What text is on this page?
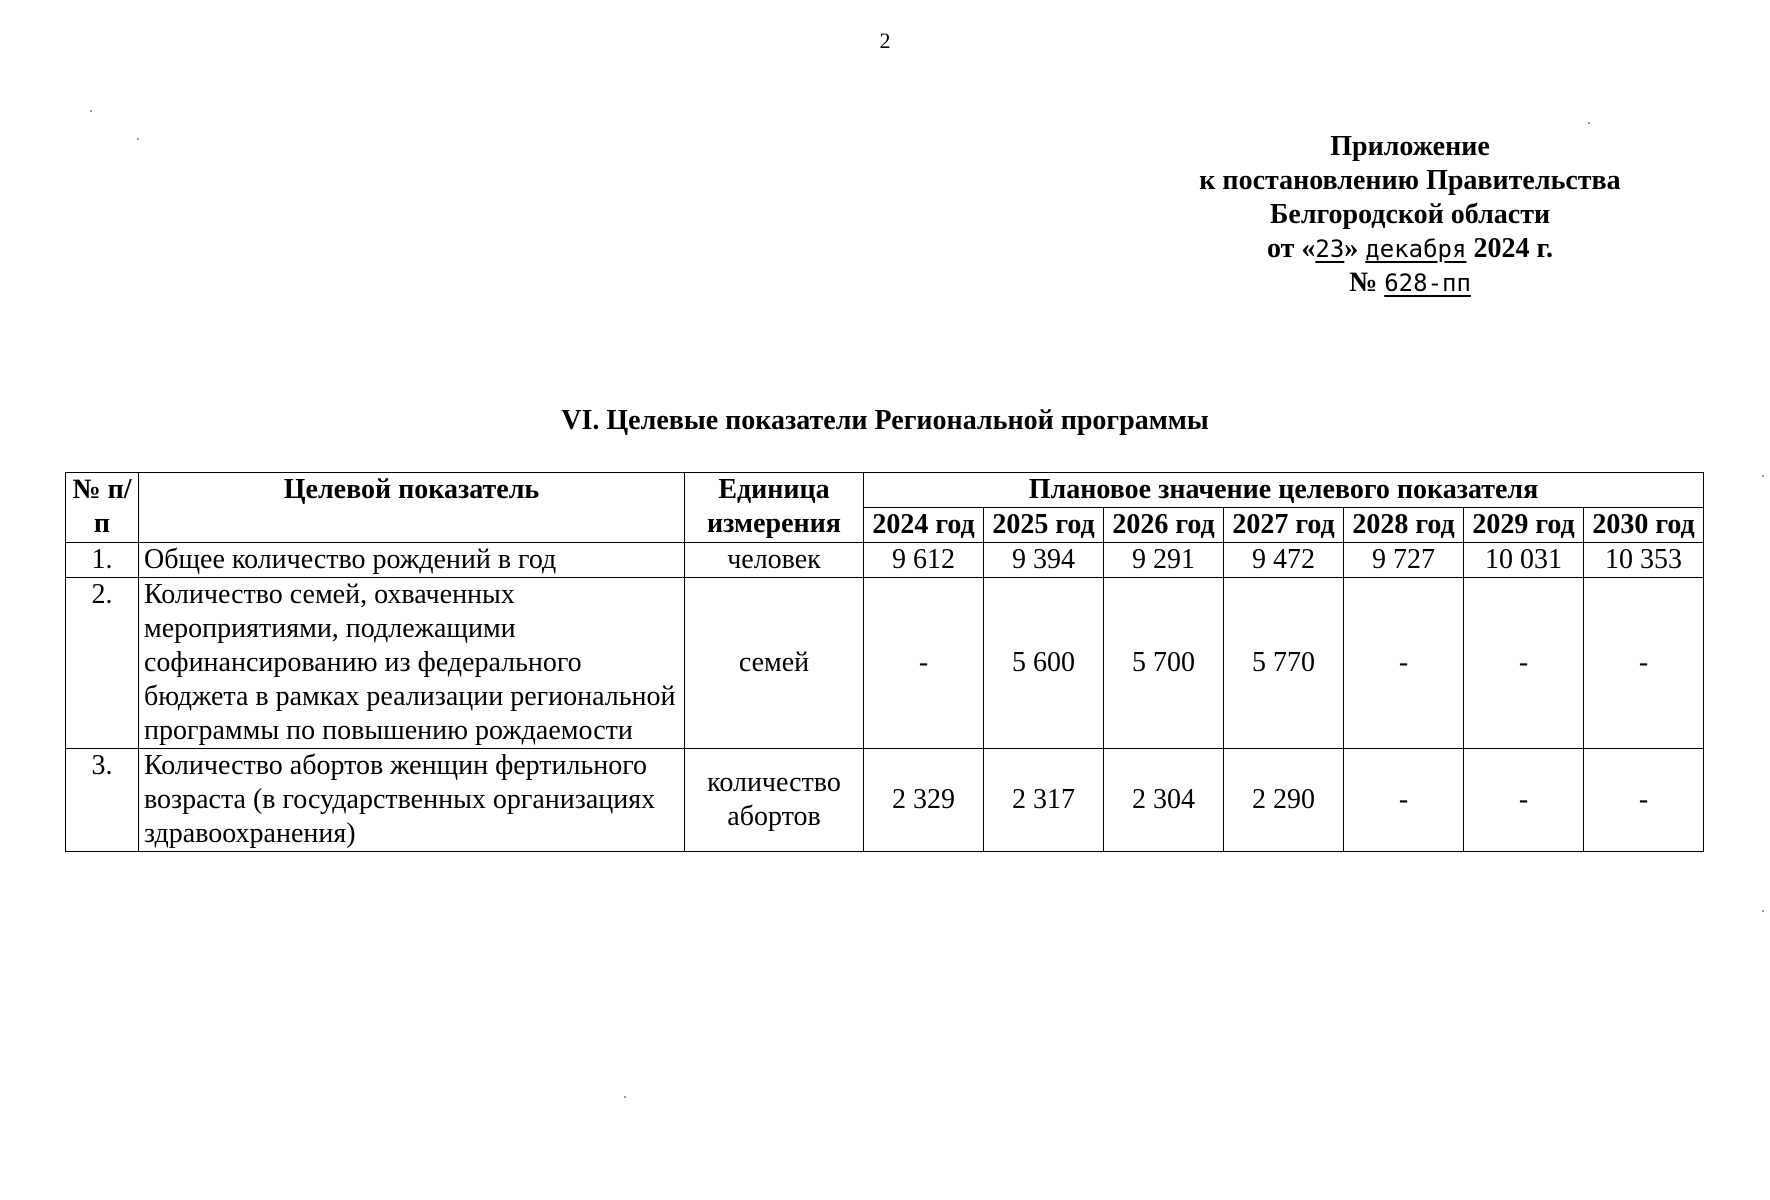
2
Приложение
к постановлению Правительства
Белгородской области
от «23» декабря 2024 г.
№ 628-пп
VI. Целевые показатели Региональной программы
№ п/п	Целевой показатель	Единица измерения	Плановое значение целевого показателя						
			2024 год	2025 год	2026 год	2027 год	2028 год	2029 год	2030 год
1.	Общее количество рождений в год	человек	9 612	9 394	9 291	9 472	9 727	10 031	10 353
2.	Количество семей, охваченных мероприятиями, подлежащими софинансированию из федерального бюджета в рамках реализации региональной программы по повышению рождаемости	семей	-	5 600	5 700	5 770	-	-	-
3.	Количество абортов женщин фертильного возраста (в государственных организациях здравоохранения)	количество абортов	2 329	2 317	2 304	2 290	-	-	-
